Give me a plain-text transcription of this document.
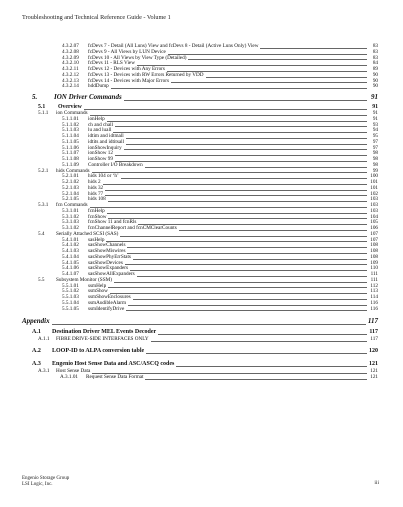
Troubleshooting and Technical Reference Guide - Volume 1
4.3.2.07	fcDevs 7 - Detail (All Luns) View and fcDevs 8 - Detail (Active Luns Only) View	83
4.3.2.08	fcDevs 9 - All Views by LUN Device	83
4.3.2.09	fcDevs 10 - All Views by View Type (Detailed)	83
4.3.2.10	fcDevs 11 - RLS View	84
4.3.2.11	fcDevs 12 - Devices with Any Errors	89
4.3.2.12	fcDevs 13 - Devices with RW Errors Returned by VDD	90
4.3.2.13	fcDevs 14 - Devices with Major Errors	90
4.3.2.14	hddDump	90
5.	ION Driver Commands	91
5.1	Overview	91
5.1.1	ion Commands	91
5.1.1.01	ionHelp	91
5.1.1.02	ch and chall	93
5.1.1.03	lu and luall	94
5.1.1.04	idtim and idtmall	95
5.1.1.05	idtits and idtitsall	97
5.1.1.06	ionShowInquiry	97
5.1.1.07	ionShow 12	98
5.1.1.08	ionShow 99	98
5.1.1.09	Controller I/O Breakdown	98
5.2.1	hids Commands	99
5.2.1.01	hids 104 or ‘h’	100
5.2.1.02	hids 2	101
5.2.1.03	hids 32	101
5.2.1.04	hids 77	102
5.2.1.05	hids 108	103
5.3.1	fcn Commands	103
5.3.1.01	fcnHelp	103
5.3.1.02	fcnShow	104
5.3.1.03	fcnShow 11 and fcnRls	105
5.3.1.02	fcnChannelReport and fcnCMClearCounts	106
5.4	Serially Attached SCSI (SAS)	107
5.4.1.01	sasHelp	107
5.4.1.02	sasShowChannels	108
5.4.1.03	sasShowMiswires	108
5.4.1.04	sasShowPhyErrStats	108
5.4.1.05	sasShowDevices	109
5.4.1.06	sasShowExpanders	110
5.4.1.07	sasShowAllExpanders	111
5.5	Subsystem Monitor (SSM)	111
5.5.1.01	ssmHelp	112
5.5.1.02	ssmShow	113
5.5.1.03	ssmShowEnclosures	114
5.5.1.04	ssmAudibleAlarm	116
5.5.1.05	ssmIdentifyDrive	116
Appendix	117
A.1	Destination Driver MEL Events Decoder	117
A.1.1	FIBRE DRIVE-SIDE INTERFACES ONLY	117
A.2	LOOP-ID to ALPA conversion table	120
A.3	Engenio Host Sense Data and ASC/ASCQ codes	121
A.3.1	Host Sense Data	121
A.3.1.01	Request Sense Data Format	121
Engenio Storage Group
LSI Logic, Inc.	iii
